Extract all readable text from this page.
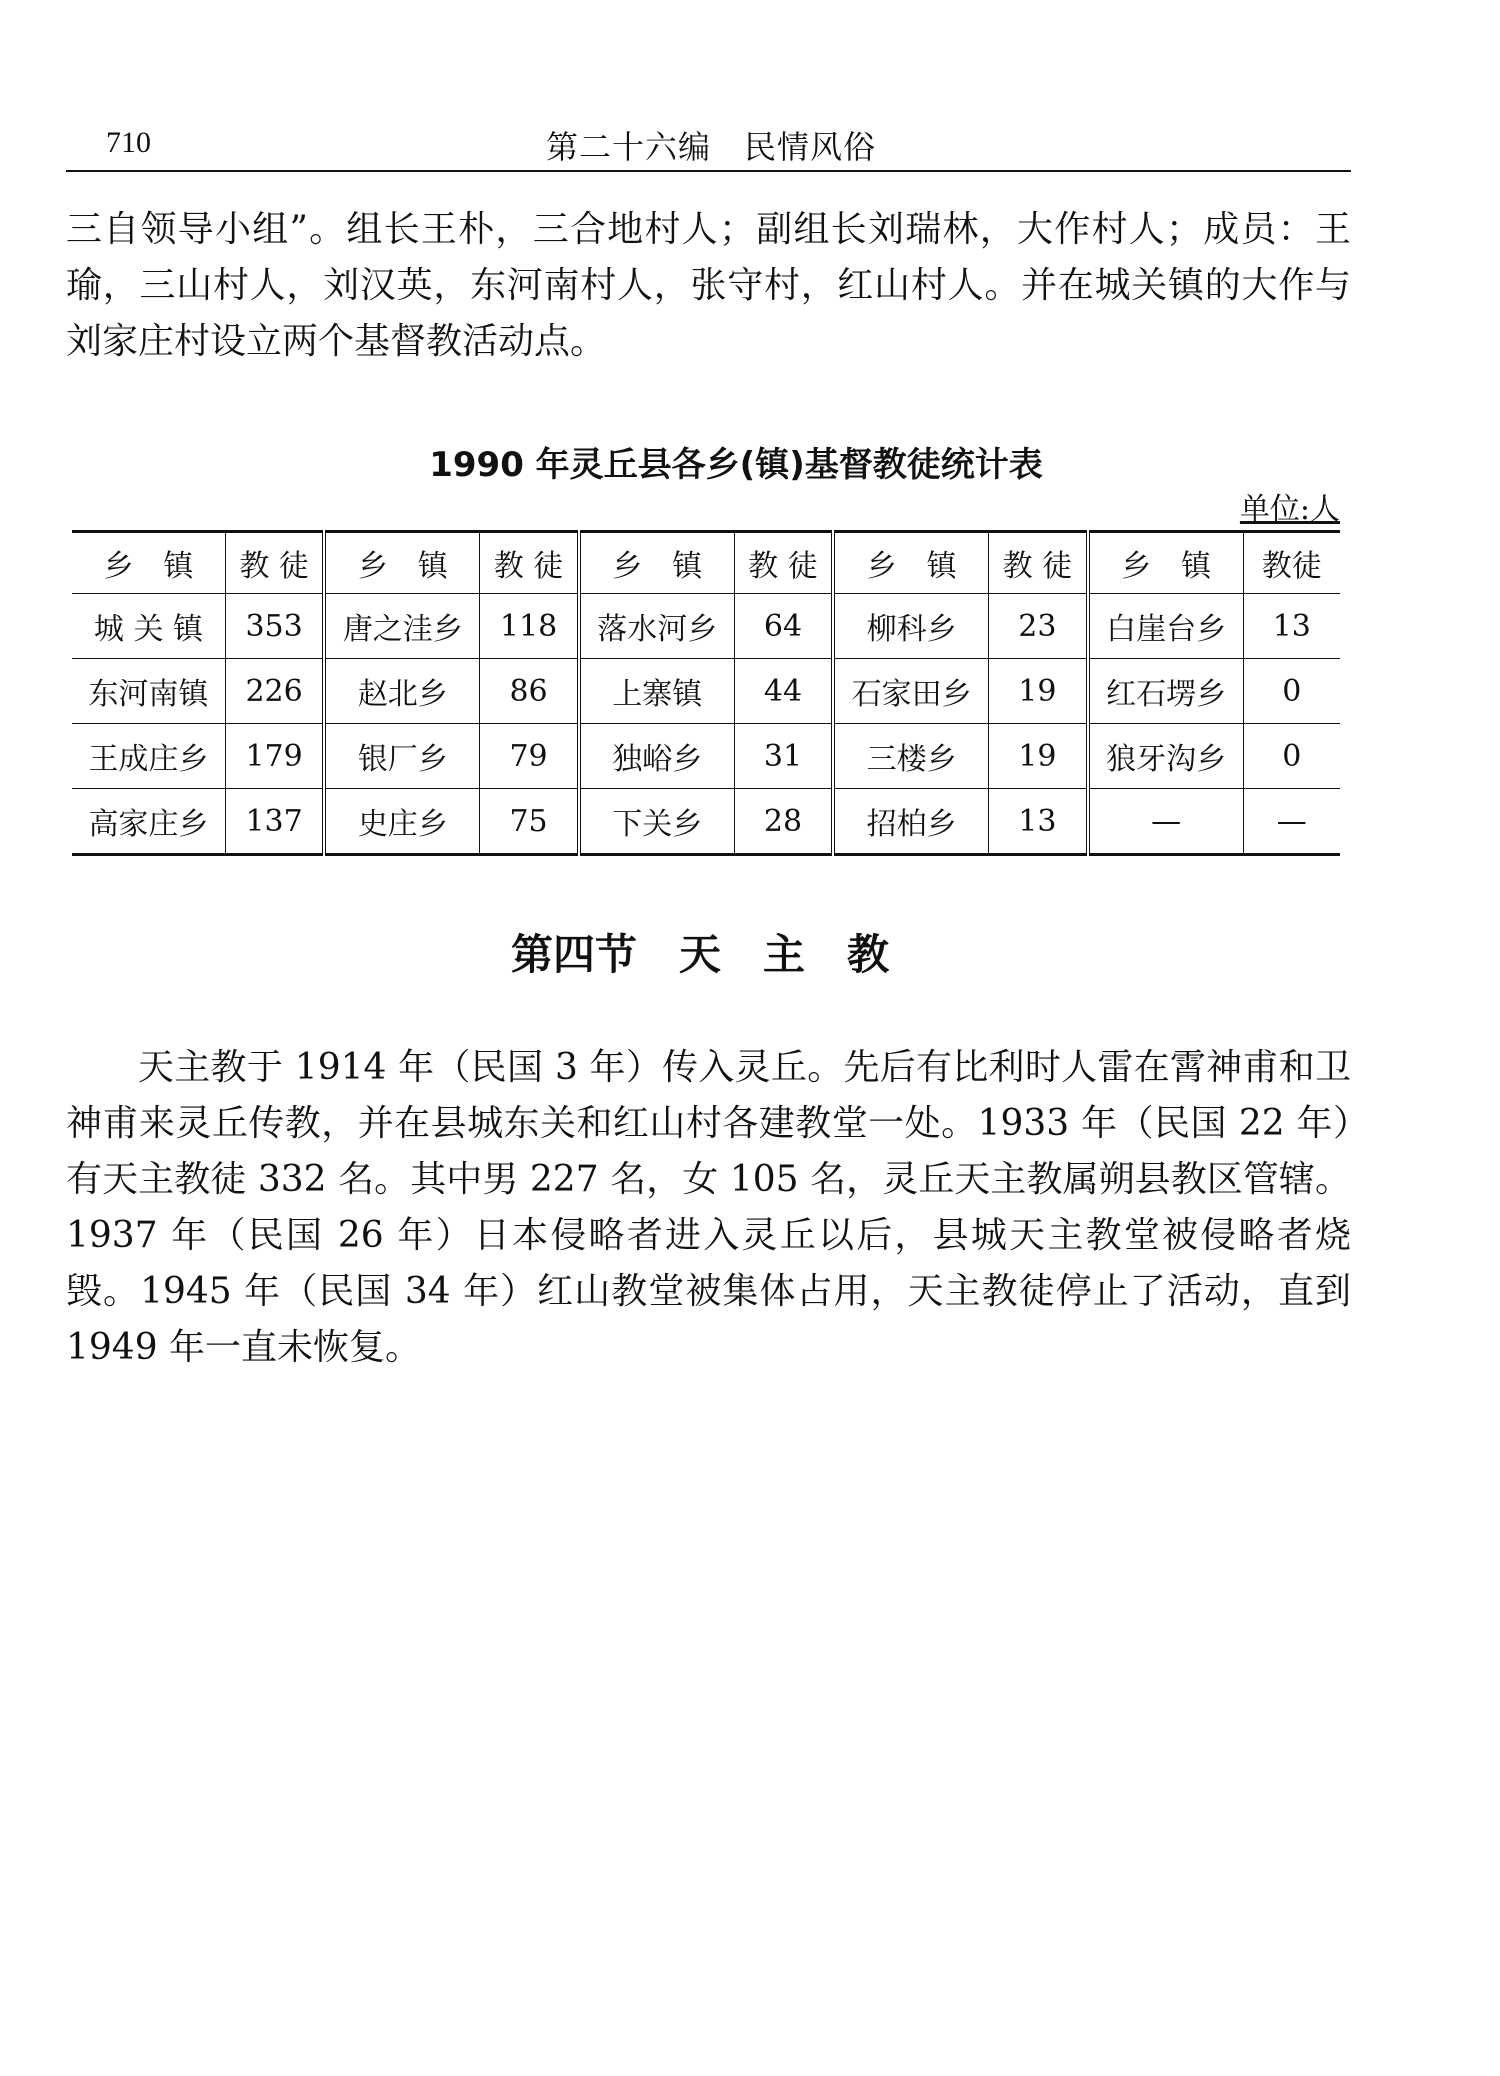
710	第二十六编　民情风俗

三自领导小组”。组长王朴，三合地村人；副组长刘瑞林，大作村人；成员：王瑜，三山村人，刘汉英，东河南村人，张守村，红山村人。并在城关镇的大作与刘家庄村设立两个基督教活动点。

1990 年灵丘县各乡(镇)基督教徒统计表
单位:人
乡　镇	教 徒	乡　镇	教 徒	乡　镇	教 徒	乡　镇	教 徒	乡　镇	教徒
城 关 镇	353	唐之洼乡	118	落水河乡	64	柳科乡	23	白崖台乡	13
东河南镇	226	赵北乡	86	上寨镇	44	石家田乡	19	红石塄乡	0
王成庄乡	179	银厂乡	79	独峪乡	31	三楼乡	19	狼牙沟乡	0
高家庄乡	137	史庄乡	75	下关乡	28	招柏乡	13	—	—
第四节　天　主　教

天主教于 1914 年（民国 3 年）传入灵丘。先后有比利时人雷在霄神甫和卫神甫来灵丘传教，并在县城东关和红山村各建教堂一处。1933 年（民国 22 年）有天主教徒 332 名。其中男 227 名，女 105 名，灵丘天主教属朔县教区管辖。1937 年（民国 26 年）日本侵略者进入灵丘以后，县城天主教堂被侵略者烧毁。1945 年（民国 34 年）红山教堂被集体占用，天主教徒停止了活动，直到 1949 年一直未恢复。
